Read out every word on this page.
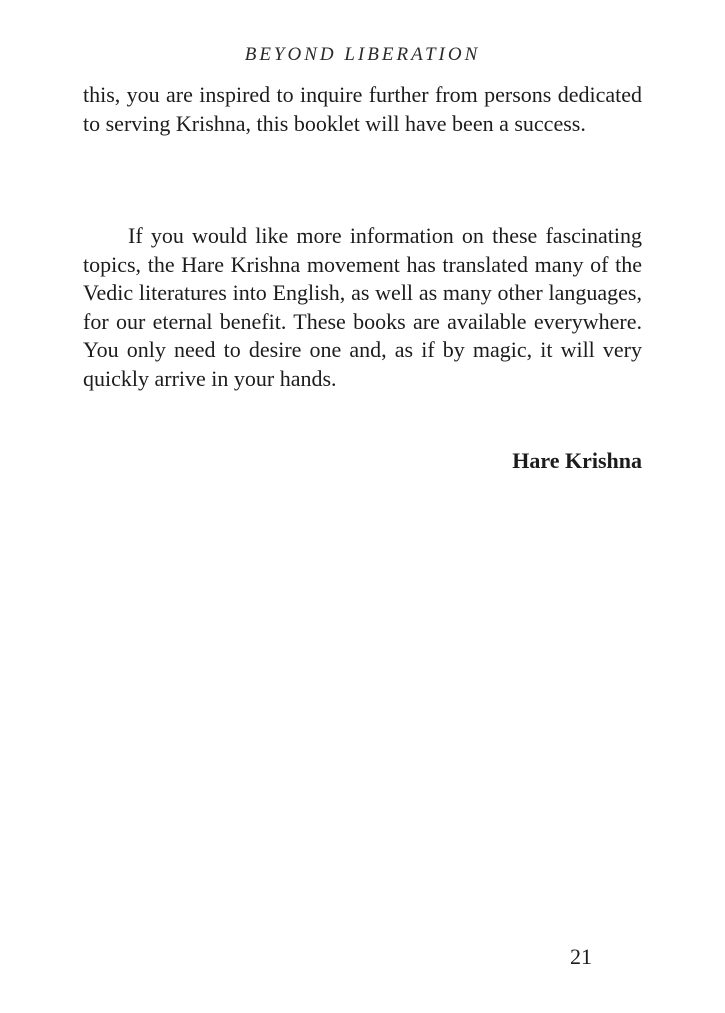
BEYOND LIBERATION

this, you are inspired to inquire further from persons dedicated to serving Krishna, this booklet will have been a success.

If you would like more information on these fascinating topics, the Hare Krishna movement has translated many of the Vedic literatures into English, as well as many other languages, for our eternal benefit. These books are available everywhere. You only need to desire one and, as if by magic, it will very quickly arrive in your hands.

Hare Krishna
21
